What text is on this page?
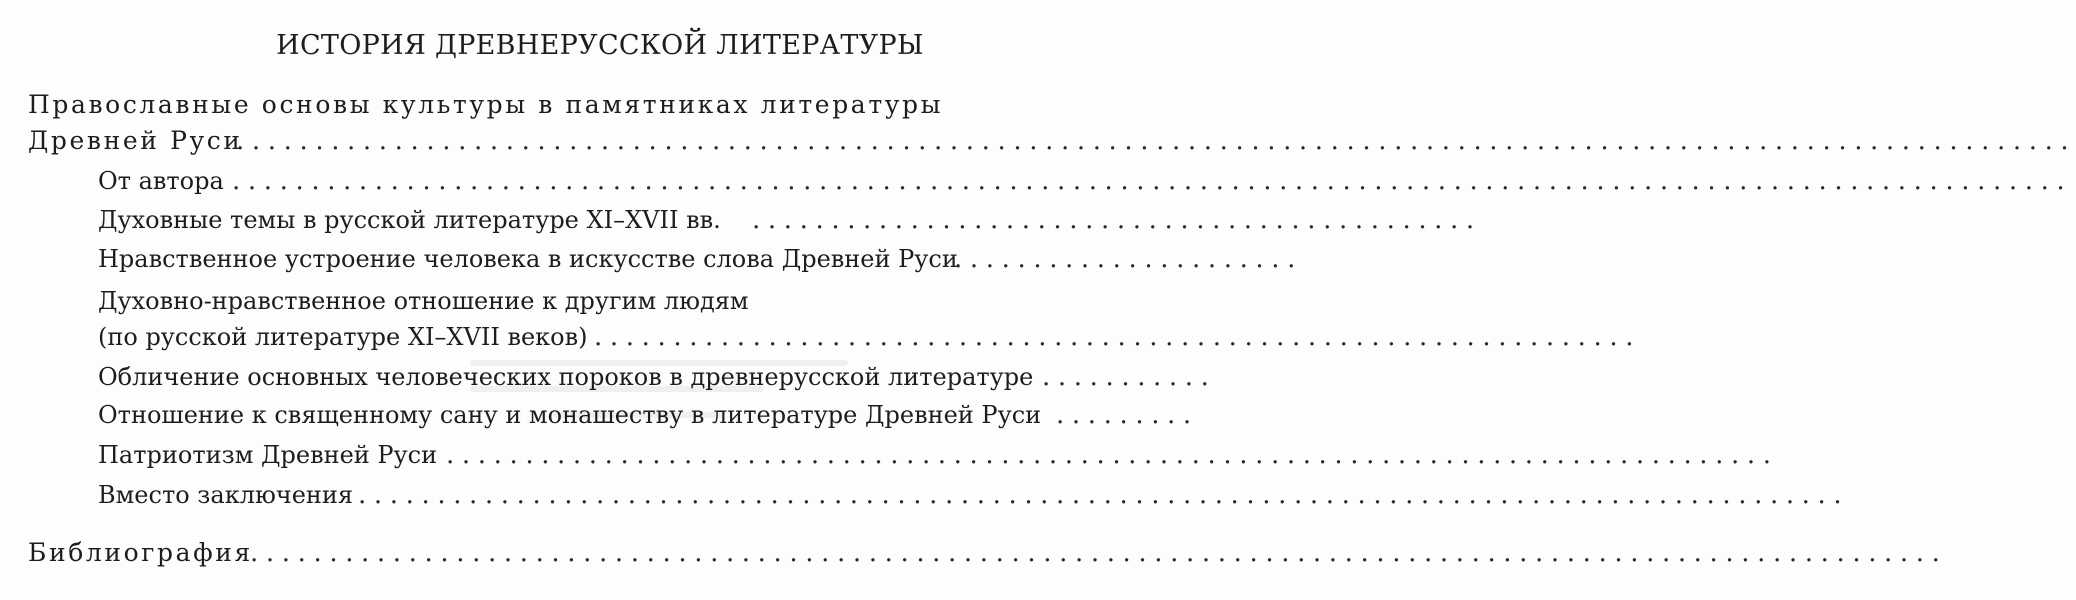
ИСТОРИЯ ДРЕВНЕРУССКОЙ ЛИТЕРАТУРЫ
Православные основы культуры в памятниках литературы
Древней Руси
....................................................................................................................
От автора ....................................................................................................................
Духовные темы в русской литературе XI–XVII вв. ..............................................
Нравственное устроение человека в искусстве слова Древней Руси
......................
Духовно-нравственное отношение к другим людям
(по русской литературе XI–XVII веков) ..................................................................
Обличение основных человеческих пороков в древнерусской литературе ...........
Отношение к священному сану и монашеству в литературе Древней Руси .........
Патриотизм Древней Руси ....................................................................................
Вместо заключения ..............................................................................................
Библиография
...........................................................................................................
